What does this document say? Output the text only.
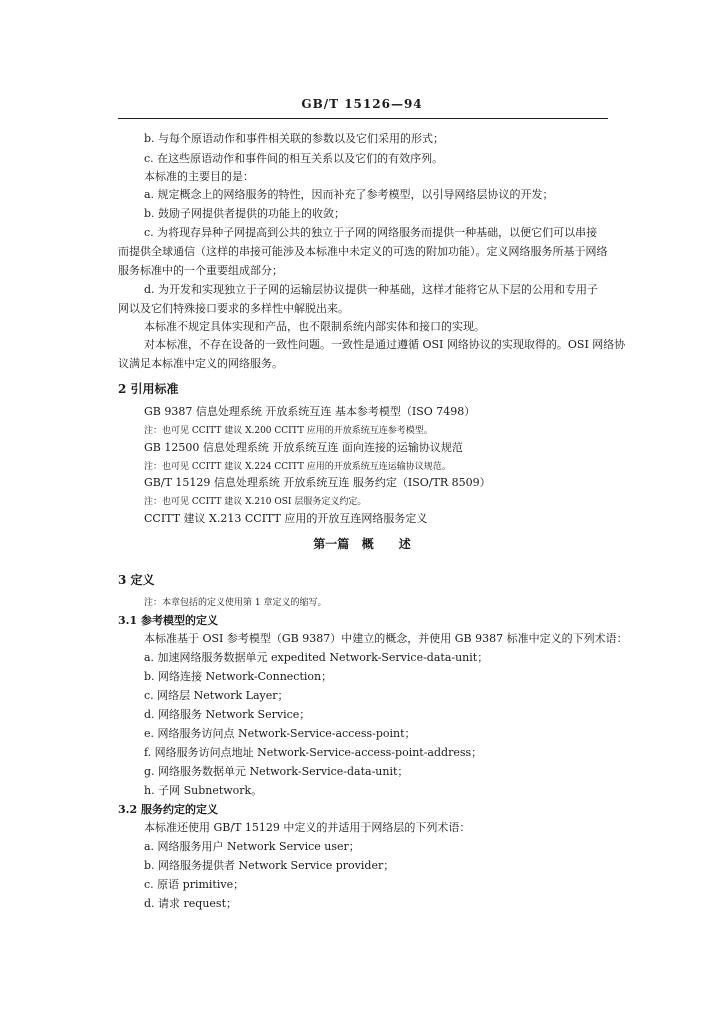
GB/T 15126—94
b. 与每个原语动作和事件相关联的参数以及它们采用的形式；
c. 在这些原语动作和事件间的相互关系以及它们的有效序列。
本标准的主要目的是：
a. 规定概念上的网络服务的特性，因而补充了参考模型，以引导网络层协议的开发；
b. 鼓励子网提供者提供的功能上的收敛；
c. 为将现存异种子网提高到公共的独立于子网的网络服务而提供一种基础，以便它们可以串接
而提供全球通信（这样的串接可能涉及本标准中未定义的可选的附加功能）。定义网络服务所基于网络
服务标准中的一个重要组成部分；
d. 为开发和实现独立于子网的运输层协议提供一种基础，这样才能将它从下层的公用和专用子
网以及它们特殊接口要求的多样性中解脱出来。
本标准不规定具体实现和产品，也不限制系统内部实体和接口的实现。
对本标准，不存在设备的一致性问题。一致性是通过遵循 OSI 网络协议的实现取得的。OSI 网络协
议满足本标准中定义的网络服务。
2 引用标准
GB 9387 信息处理系统 开放系统互连 基本参考模型（ISO 7498）
注：也可见 CCITT 建议 X.200 CCITT 应用的开放系统互连参考模型。
GB 12500 信息处理系统 开放系统互连 面向连接的运输协议规范
注：也可见 CCITT 建议 X.224 CCITT 应用的开放系统互连运输协议规范。
GB/T 15129 信息处理系统 开放系统互连 服务约定（ISO/TR 8509）
注：也可见 CCITT 建议 X.210 OSI 层服务定义约定。
CCITT 建议 X.213 CCITT 应用的开放互连网络服务定义
第一篇   概      述
3 定义
注：本章包括的定义使用第 1 章定义的缩写。
3.1 参考模型的定义
本标准基于 OSI 参考模型（GB 9387）中建立的概念，并使用 GB 9387 标准中定义的下列术语：
a. 加速网络服务数据单元 expedited Network-Service-data-unit；
b. 网络连接 Network-Connection；
c. 网络层 Network Layer；
d. 网络服务 Network Service；
e. 网络服务访问点 Network-Service-access-point；
f. 网络服务访问点地址 Network-Service-access-point-address；
g. 网络服务数据单元 Network-Service-data-unit；
h. 子网 Subnetwork。
3.2 服务约定的定义
本标准还使用 GB/T 15129 中定义的并适用于网络层的下列术语：
a. 网络服务用户 Network Service user；
b. 网络服务提供者 Network Service provider；
c. 原语 primitive；
d. 请求 request；
